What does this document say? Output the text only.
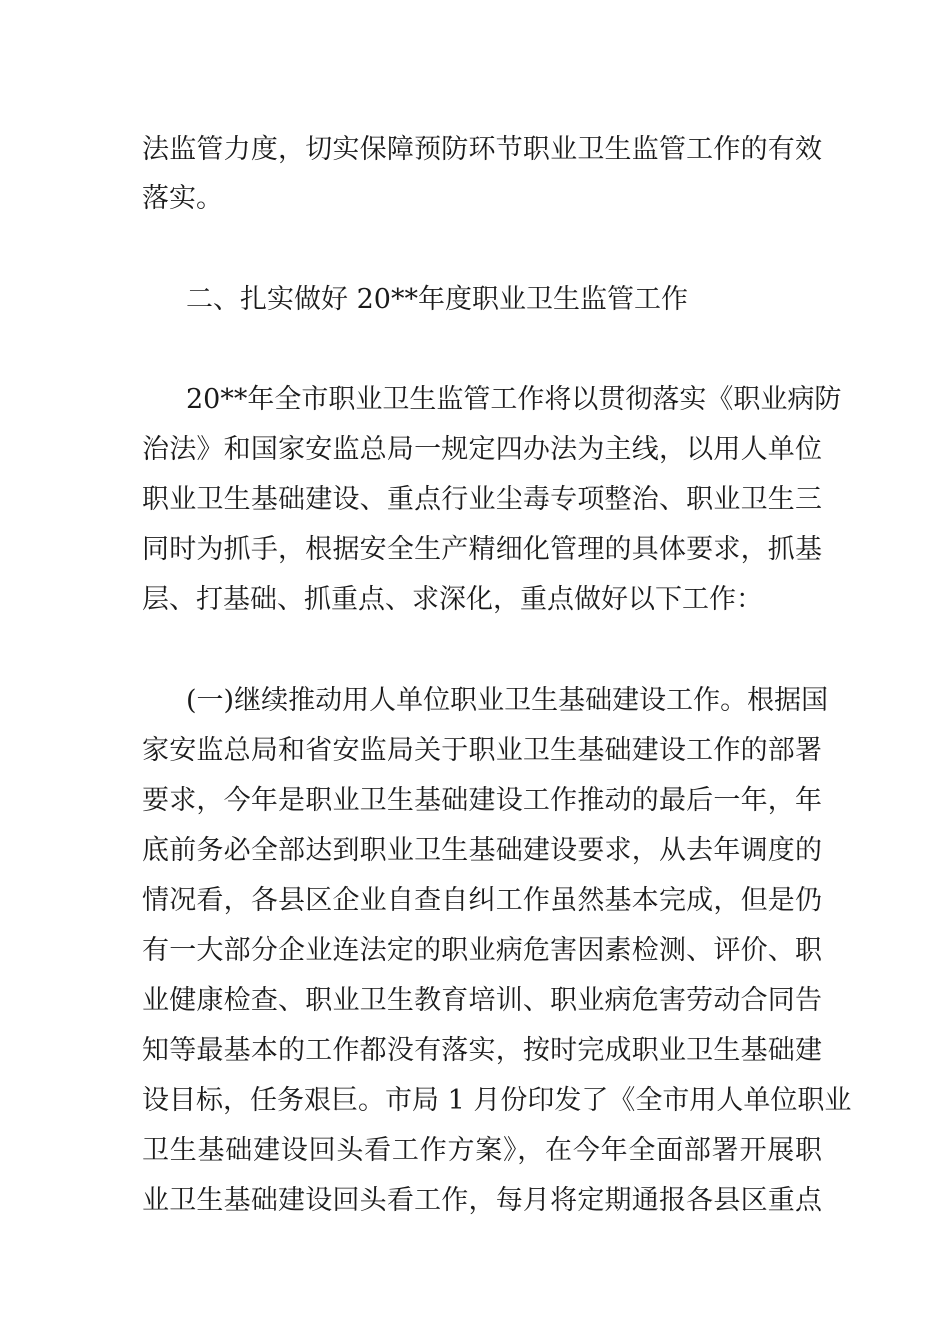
法监管力度，切实保障预防环节职业卫生监管工作的有效
落实。
二、扎实做好 20**年度职业卫生监管工作
20**年全市职业卫生监管工作将以贯彻落实《职业病防
治法》和国家安监总局一规定四办法为主线，以用人单位
职业卫生基础建设、重点行业尘毒专项整治、职业卫生三
同时为抓手，根据安全生产精细化管理的具体要求，抓基
层、打基础、抓重点、求深化，重点做好以下工作：
(一)继续推动用人单位职业卫生基础建设工作。根据国
家安监总局和省安监局关于职业卫生基础建设工作的部署
要求，今年是职业卫生基础建设工作推动的最后一年，年
底前务必全部达到职业卫生基础建设要求，从去年调度的
情况看，各县区企业自查自纠工作虽然基本完成，但是仍
有一大部分企业连法定的职业病危害因素检测、评价、职
业健康检查、职业卫生教育培训、职业病危害劳动合同告
知等最基本的工作都没有落实，按时完成职业卫生基础建
设目标，任务艰巨。市局 1 月份印发了《全市用人单位职业
卫生基础建设回头看工作方案》，在今年全面部署开展职
业卫生基础建设回头看工作，每月将定期通报各县区重点
